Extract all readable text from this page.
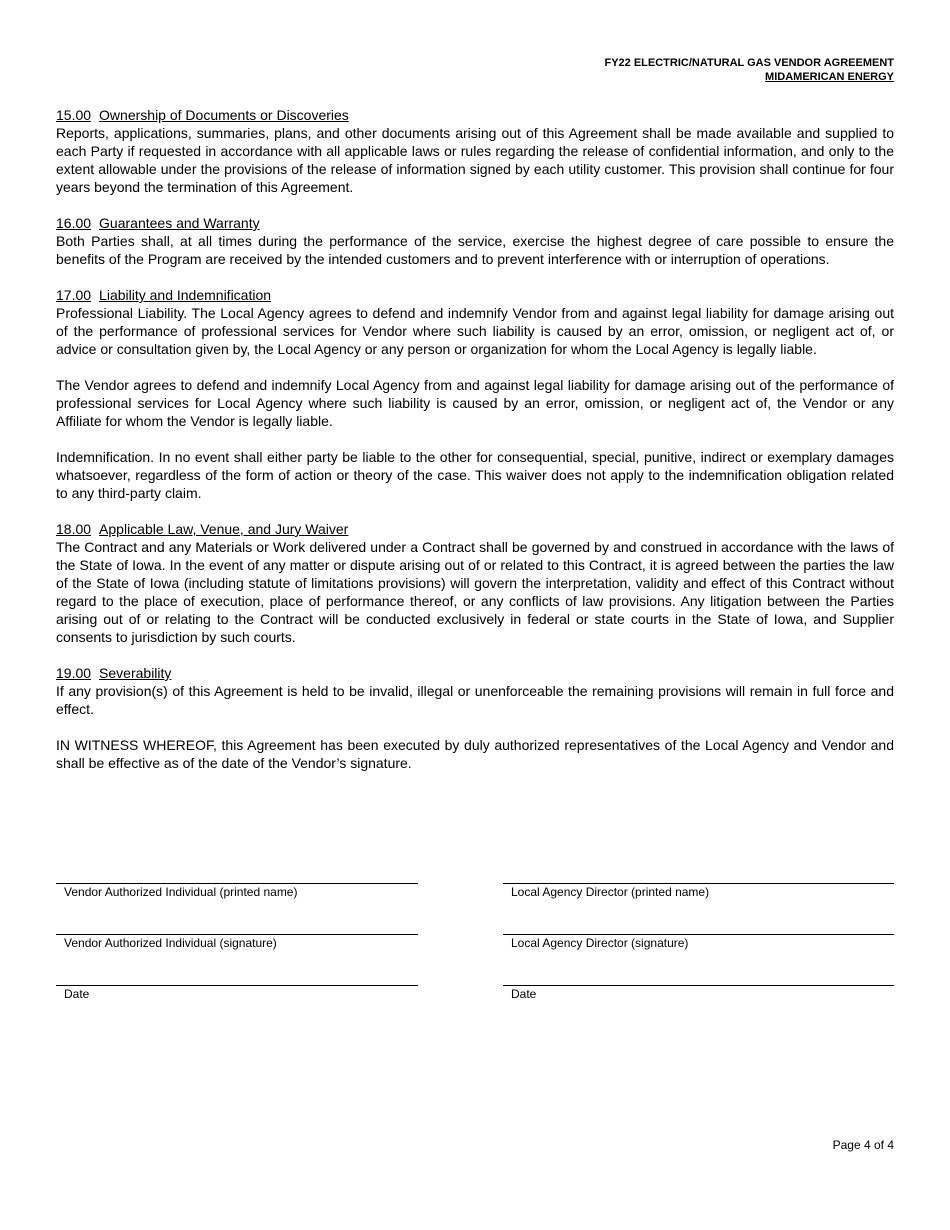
FY22 ELECTRIC/NATURAL GAS VENDOR AGREEMENT
MIDAMERICAN ENERGY
15.00 Ownership of Documents or Discoveries

Reports, applications, summaries, plans, and other documents arising out of this Agreement shall be made available and supplied to each Party if requested in accordance with all applicable laws or rules regarding the release of confidential information, and only to the extent allowable under the provisions of the release of information signed by each utility customer. This provision shall continue for four years beyond the termination of this Agreement.

16.00 Guarantees and Warranty

Both Parties shall, at all times during the performance of the service, exercise the highest degree of care possible to ensure the benefits of the Program are received by the intended customers and to prevent interference with or interruption of operations.

17.00 Liability and Indemnification

Professional Liability. The Local Agency agrees to defend and indemnify Vendor from and against legal liability for damage arising out of the performance of professional services for Vendor where such liability is caused by an error, omission, or negligent act of, or advice or consultation given by, the Local Agency or any person or organization for whom the Local Agency is legally liable.

The Vendor agrees to defend and indemnify Local Agency from and against legal liability for damage arising out of the performance of professional services for Local Agency where such liability is caused by an error, omission, or negligent act of, the Vendor or any Affiliate for whom the Vendor is legally liable.

Indemnification. In no event shall either party be liable to the other for consequential, special, punitive, indirect or exemplary damages whatsoever, regardless of the form of action or theory of the case. This waiver does not apply to the indemnification obligation related to any third-party claim.

18.00 Applicable Law, Venue, and Jury Waiver

The Contract and any Materials or Work delivered under a Contract shall be governed by and construed in accordance with the laws of the State of Iowa. In the event of any matter or dispute arising out of or related to this Contract, it is agreed between the parties the law of the State of Iowa (including statute of limitations provisions) will govern the interpretation, validity and effect of this Contract without regard to the place of execution, place of performance thereof, or any conflicts of law provisions. Any litigation between the Parties arising out of or relating to the Contract will be conducted exclusively in federal or state courts in the State of Iowa, and Supplier consents to jurisdiction by such courts.

19.00 Severability

If any provision(s) of this Agreement is held to be invalid, illegal or unenforceable the remaining provisions will remain in full force and effect.

IN WITNESS WHEREOF, this Agreement has been executed by duly authorized representatives of the Local Agency and Vendor and shall be effective as of the date of the Vendor’s signature.

Vendor Authorized Individual (printed name)	Local Agency Director (printed name)
Vendor Authorized Individual (signature)	Local Agency Director (signature)
Date	Date
Page 4 of 4
